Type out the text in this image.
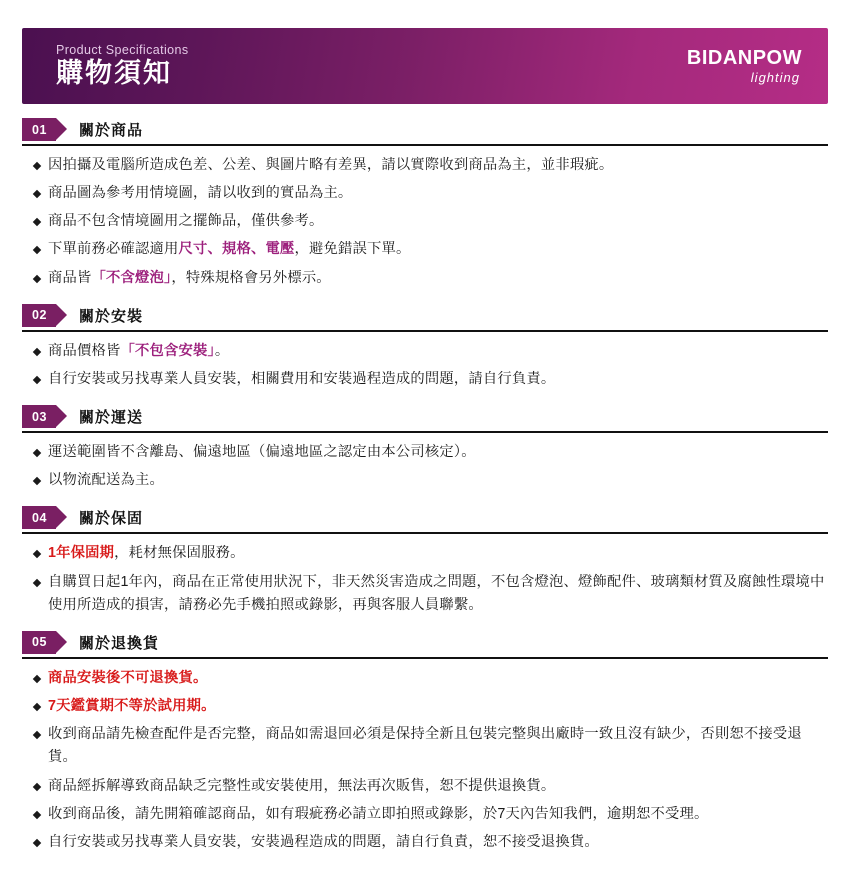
Product Specifications
購物須知
BIDANPOW
lighting
01	關於商品
因拍攝及電腦所造成色差、公差、與圖片略有差異，請以實際收到商品為主，並非瑕疵。
商品圖為參考用情境圖，請以收到的實品為主。
商品不包含情境圖用之擺飾品，僅供參考。
下單前務必確認適用尺寸、規格、電壓，避免錯誤下單。
商品皆「不含燈泡」，特殊規格會另外標示。
02	關於安裝
商品價格皆「不包含安裝」。
自行安裝或另找專業人員安裝，相關費用和安裝過程造成的問題，請自行負責。
03	關於運送
運送範圍皆不含離島、偏遠地區（偏遠地區之認定由本公司核定）。
以物流配送為主。
04	關於保固
1年保固期，耗材無保固服務。
自購買日起1年內，商品在正常使用狀況下，非天然災害造成之問題，不包含燈泡、燈飾配件、玻璃類材質及腐蝕性環境中使用所造成的損害，請務必先手機拍照或錄影，再與客服人員聯繫。
05	關於退換貨
商品安裝後不可退換貨。
7天鑑賞期不等於試用期。
收到商品請先檢查配件是否完整，商品如需退回必須是保持全新且包裝完整與出廠時一致且沒有缺少，否則恕不接受退貨。
商品經拆解導致商品缺乏完整性或安裝使用，無法再次販售，恕不提供退換貨。
收到商品後，請先開箱確認商品，如有瑕疵務必請立即拍照或錄影，於7天內告知我們，逾期恕不受理。
自行安裝或另找專業人員安裝，安裝過程造成的問題，請自行負責，恕不接受退換貨。
